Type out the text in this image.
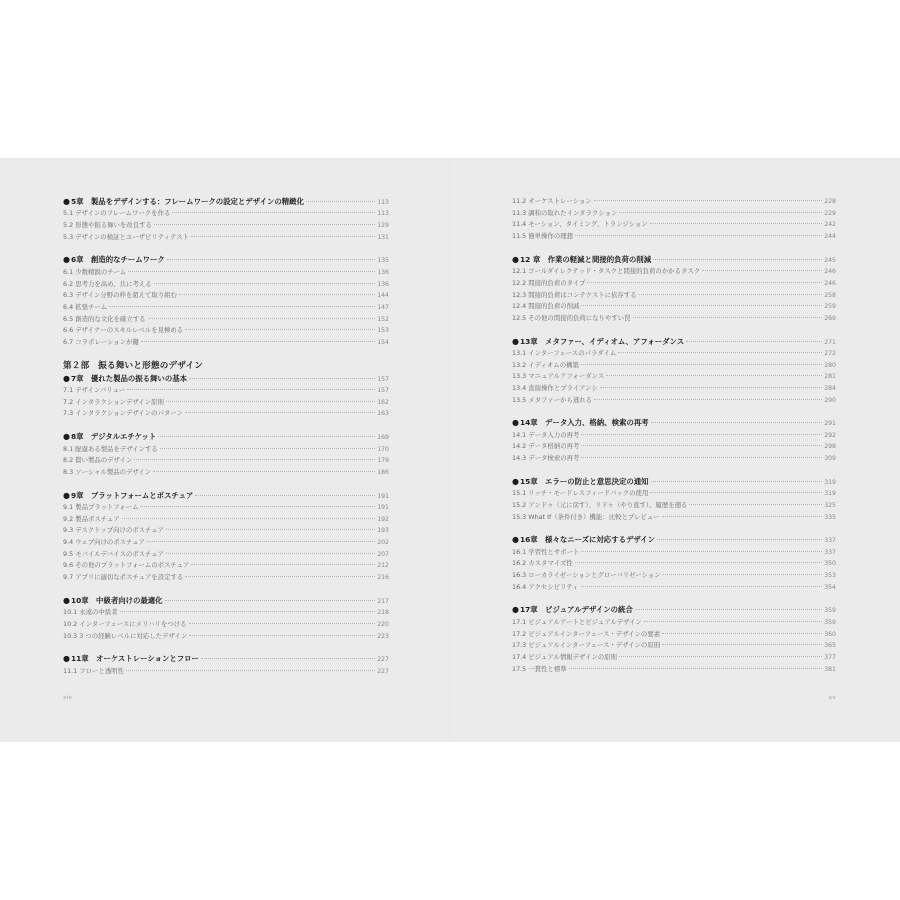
● 5章　製品をデザインする：フレームワークの設定とデザインの精緻化	113
5.1 デザインのフレームワークを作る	113
5.2 形態や振る舞いを改良する	129
5.3 デザインの検証とユーザビリティテスト	131
● 6章　創造的なチームワーク	135
6.1 少数精鋭のチーム	136
6.2 思考力を高め、共に考える	136
6.3 デザイン分野の枠を超えて取り組む	144
6.4 拡張チーム	147
6.5 創造的な文化を確立する	152
6.6 デザイナーのスキルレベルを見極める	153
6.7 コラボレーションが鍵	154
第２部　振る舞いと形態のデザイン
● 7章　優れた製品の振る舞いの基本	157
7.1 デザインバリュー	157
7.2 インタラクションデザイン原則	162
7.3 インタラクションデザインのパターン	163
● 8章　デジタルエチケット	169
8.1 配慮ある製品をデザインする	170
8.2 賢い製品のデザイン	179
8.3 ソーシャル製品のデザイン	186
● 9章　プラットフォームとポスチュア	191
9.1 製品プラットフォーム	191
9.2 製品ポスチュア	192
9.3 デスクトップ向けのポスチュア	193
9.4 ウェブ向けのポスチュア	202
9.5 モバイルデバイスのポスチュア	207
9.6 その他のプラットフォームのポスチュア	212
9.7 アプリに適切なポスチュアを設定する	216
● 10章　中級者向けの最適化	217
10.1 永遠の中級者	218
10.2 インターフェースにメリハリをつける	220
10.3 3 つの経験レベルに対応したデザイン	223
● 11章　オーケストレーションとフロー	227
11.1 フローと透明性	227
xiv
11.2 オーケストレーション	228
11.3 調和の取れたインタラクション	229
11.4 モーション、タイミング、トランジション	242
11.5 簡単操作の理想	244
● 12 章　作業の軽減と間接的負荷の削減	245
12.1 ゴールダイレクテッド・タスクと間接的負荷のかかるタスク	246
12.2 間接的負荷のタイプ	246
12.3 間接的負荷はコンテクストに依存する	258
12.4 間接的負荷の削減	259
12.5 その他の間接的負荷になりやすい罠	269
● 13章　メタファー、イディオム、アフォーダンス	271
13.1 インターフェースのパラダイム	272
13.2 イディオムの構築	280
13.3 マニュアルアフォーダンス	281
13.4 直接操作とプライアンシ	284
13.5 メタファーから逃れる	290
● 14章　データ入力、格納、検索の再考	291
14.1 データ入力の再考	292
14.2 データ格納の再考	298
14.3 データ検索の再考	309
● 15章　エラーの防止と意思決定の通知	319
15.1 リッチ・モードレスフィードバックの使用	319
15.2 アンドゥ（元に戻す）、リドゥ（やり直す）、履歴を遡る	325
15.3 What If（条件付き）機能：比較とプレビュー	335
● 16章　様々なニーズに対応するデザイン	337
16.1 学習性とサポート	337
16.2 カスタマイズ性	350
16.3 ローカライゼーションとグローバリゼーション	353
16.4 アクセシビリティ	354
● 17章　ビジュアルデザインの統合	359
17.1 ビジュアルアートとビジュアルデザイン	359
17.2 ビジュアルインターフェース・デザインの要素	360
17.3 ビジュアルインターフェース・デザインの原則	365
17.4 ビジュアル情報デザインの原則	377
17.5 一貫性と標準	381
xv
